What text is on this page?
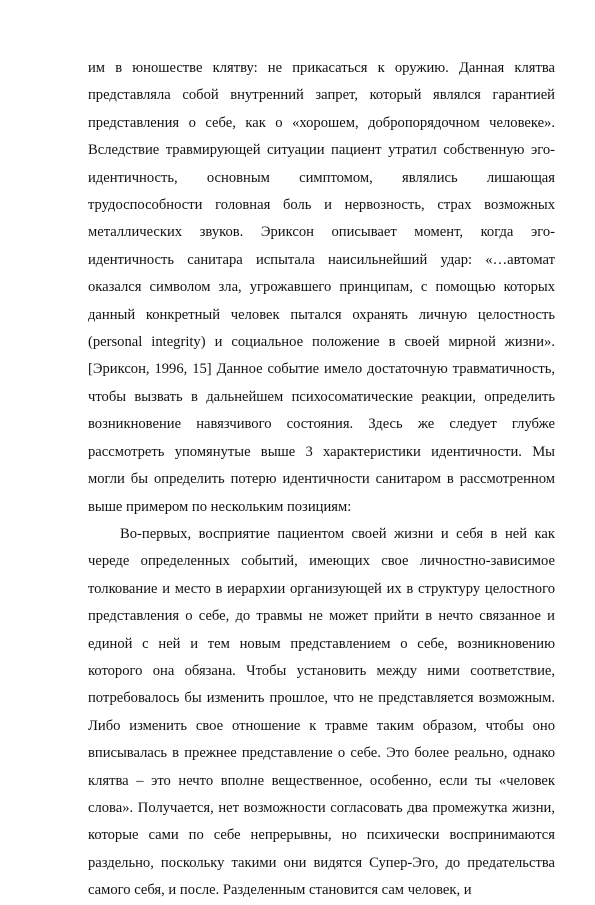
им в юношестве клятву: не прикасаться к оружию. Данная клятва представляла собой внутренний запрет, который являлся гарантией представления о себе, как о «хорошем, добропорядочном человеке». Вследствие травмирующей ситуации пациент утратил собственную эго-идентичность, основным симптомом, являлись лишающая трудоспособности головная боль и нервозность, страх возможных металлических звуков. Эриксон описывает момент, когда эго-идентичность санитара испытала наисильнейший удар: «…автомат оказался символом зла, угрожавшего принципам, с помощью которых данный конкретный человек пытался охранять личную целостность (personal integrity) и социальное положение в своей мирной жизни». [Эриксон, 1996, 15] Данное событие имело достаточную травматичность, чтобы вызвать в дальнейшем психосоматические реакции, определить возникновение навязчивого состояния. Здесь же следует глубже рассмотреть упомянутые выше 3 характеристики идентичности. Мы могли бы определить потерю идентичности санитаром в рассмотренном выше примером по нескольким позициям:

Во-первых, восприятие пациентом своей жизни и себя в ней как череде определенных событий, имеющих свое личностно-зависимое толкование и место в иерархии организующей их в структуру целостного представления о себе, до травмы не может прийти в нечто связанное и единой с ней и тем новым представлением о себе, возникновению которого она обязана. Чтобы установить между ними соответствие, потребовалось бы изменить прошлое, что не представляется возможным. Либо изменить свое отношение к травме таким образом, чтобы оно вписывалась в прежнее представление о себе. Это более реально, однако клятва – это нечто вполне вещественное, особенно, если ты «человек слова». Получается, нет возможности согласовать два промежутка жизни, которые сами по себе непрерывны, но психически воспринимаются раздельно, поскольку такими они видятся Супер-Эго, до предательства самого себя, и после. Разделенным становится сам человек, и
